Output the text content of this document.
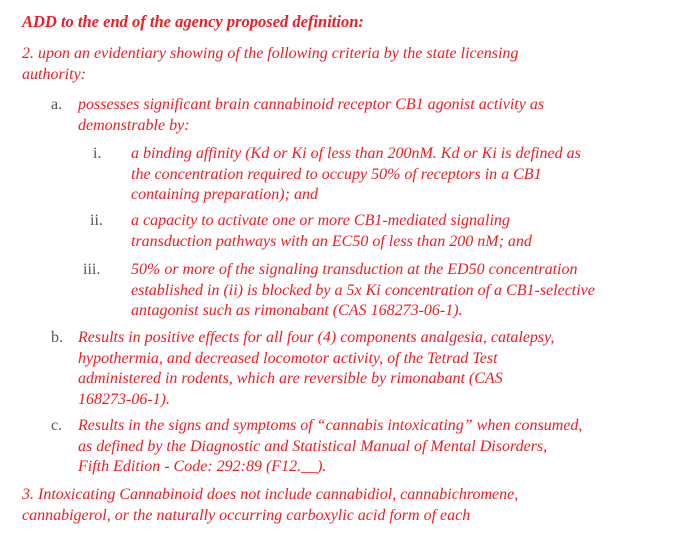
ADD to the end of the agency proposed definition:
2. upon an evidentiary showing of the following criteria by the state licensing
authority:
a. possesses significant brain cannabinoid receptor CB1 agonist activity as
demonstrable by:
i. a binding affinity (Kd or Ki of less than 200nM. Kd or Ki is defined as
the concentration required to occupy 50% of receptors in a CB1
containing preparation); and
ii. a capacity to activate one or more CB1-mediated signaling
transduction pathways with an EC50 of less than 200 nM; and
iii. 50% or more of the signaling transduction at the ED50 concentration
established in (ii) is blocked by a 5x Ki concentration of a CB1-selective
antagonist such as rimonabant (CAS 168273-06-1).
b. Results in positive effects for all four (4) components analgesia, catalepsy,
hypothermia, and decreased locomotor activity, of the Tetrad Test
administered in rodents, which are reversible by rimonabant (CAS
168273-06-1).
c. Results in the signs and symptoms of “cannabis intoxicating” when consumed,
as defined by the Diagnostic and Statistical Manual of Mental Disorders,
Fifth Edition - Code: 292:89 (F12.__).
3. Intoxicating Cannabinoid does not include cannabidiol, cannabichromene,
cannabigerol, or the naturally occurring carboxylic acid form of each
